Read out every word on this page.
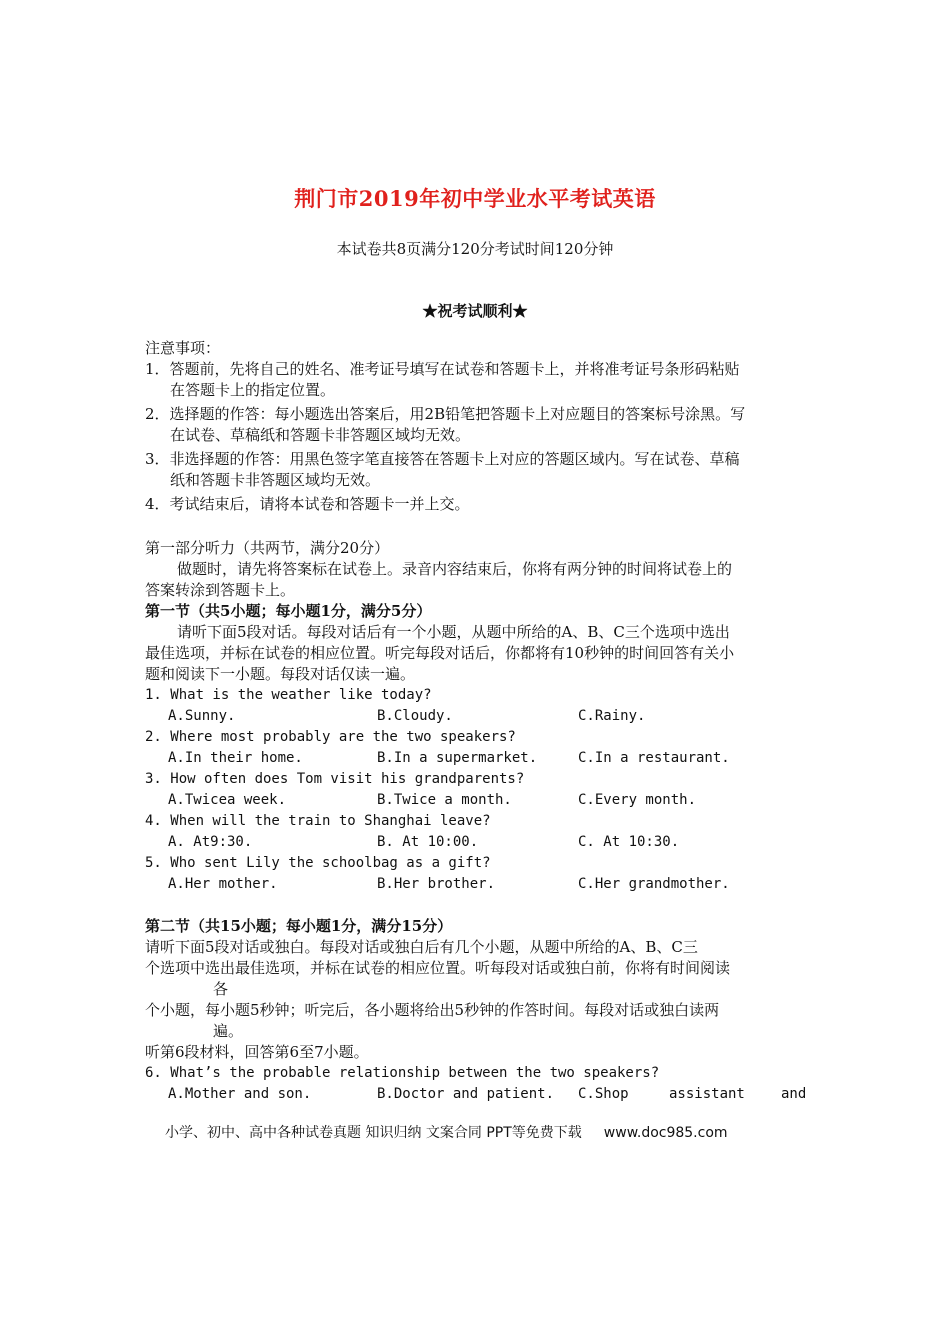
荆门市2019年初中学业水平考试英语
本试卷共8页满分120分考试时间120分钟
★祝考试顺利★
注意事项：
1．答题前，先将自己的姓名、准考证号填写在试卷和答题卡上，并将准考证号条形码粘贴
在答题卡上的指定位置。
2．选择题的作答：每小题选出答案后，用2B铅笔把答题卡上对应题目的答案标号涂黑。写
在试卷、草稿纸和答题卡非答题区域均无效。
3．非选择题的作答：用黑色签字笔直接答在答题卡上对应的答题区域内。写在试卷、草稿
纸和答题卡非答题区域均无效。
4．考试结束后，请将本试卷和答题卡一并上交。
第一部分听力（共两节，满分20分）
做题时，请先将答案标在试卷上。录音内容结束后，你将有两分钟的时间将试卷上的
答案转涂到答题卡上。
第一节（共5小题；每小题1分，满分5分）
请听下面5段对话。每段对话后有一个小题，从题中所给的A、B、C三个选项中选出
最佳选项，并标在试卷的相应位置。听完每段对话后，你都将有10秒钟的时间回答有关小
题和阅读下一小题。每段对话仅读一遍。
1. What is the weather like today?
A.Sunny.	B.Cloudy.	C.Rainy.
2. Where most probably are the two speakers?
A.In their home.	B.In a supermarket.	C.In a restaurant.
3. How often does Tom visit his grandparents?
A.Twicea week.	B.Twice a month.	C.Every month.
4. When will the train to Shanghai leave?
A. At9:30.	B. At 10:00.	C. At 10:30.
5. Who sent Lily the schoolbag as a gift?
A.Her mother.	B.Her brother.	C.Her grandmother.
第二节（共15小题；每小题1分，满分15分）
请听下面5段对话或独白。每段对话或独白后有几个小题，从题中所给的A、B、C三
个选项中选出最佳选项，并标在试卷的相应位置。听每段对话或独白前，你将有时间阅读
各
个小题，每小题5秒钟；听完后，各小题将给出5秒钟的作答时间。每段对话或独白读两
遍。
听第6段材料，回答第6至7小题。
6. What’s the probable relationship between the two speakers?
A.Mother and son.	B.Doctor and patient. C.Shop	assistant	and
小学、初中、高中各种试卷真题 知识归纳 文案合同 PPT等免费下载 www.doc985.com
